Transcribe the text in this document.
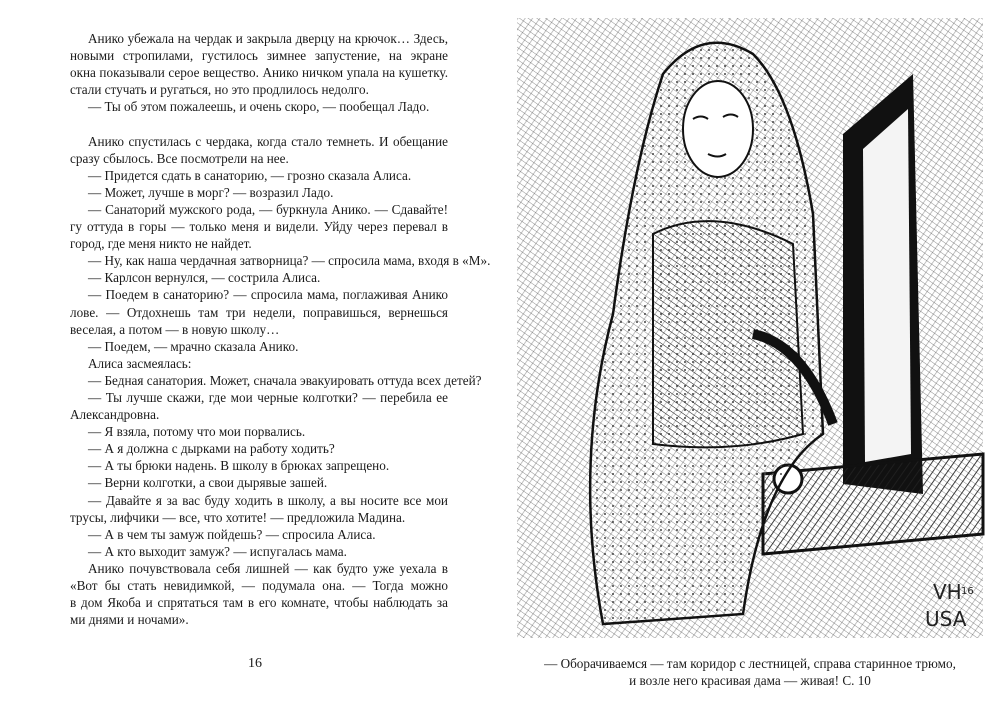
Анико убежала на чердак и закрыла дверцу на крючок… Здесь,
новыми стропилами, густилось зимнее запустение, на экране
окна показывали серое вещество. Анико ничком упала на кушетку.
стали стучать и ругаться, но это продлилось недолго.
— Ты об этом пожалеешь, и очень скоро, — пообещал Ладо.
Анико спустилась с чердака, когда стало темнеть. И обещание
сразу сбылось. Все посмотрели на нее.
— Придется сдать в санаторию, — грозно сказала Алиса.
— Может, лучше в морг? — возразил Ладо.
— Санаторий мужского рода, — буркнула Анико. — Сдавайте!
гу оттуда в горы — только меня и видели. Уйду через перевал в
город, где меня никто не найдет.
— Ну, как наша чердачная затворница? — спросила мама, входя в «М».
— Карлсон вернулся, — сострила Алиса.
— Поедем в санаторию? — спросила мама, поглаживая Анико
лове. — Отдохнешь там три недели, поправишься, вернешься
веселая, а потом — в новую школу…
— Поедем, — мрачно сказала Анико.
Алиса засмеялась:
— Бедная санатория. Может, сначала эвакуировать оттуда всех детей?
— Ты лучше скажи, где мои черные колготки? — перебила ее
Александровна.
— Я взяла, потому что мои порвались.
— А я должна с дырками на работу ходить?
— А ты брюки надень. В школу в брюках запрещено.
— Верни колготки, а свои дырявые зашей.
— Давайте я за вас буду ходить в школу, а вы носите все мои
трусы, лифчики — все, что хотите! — предложила Мадина.
— А в чем ты замуж пойдешь? — спросила Алиса.
— А кто выходит замуж? — испугалась мама.
Анико почувствовала себя лишней — как будто уже уехала в
«Вот бы стать невидимкой, — подумала она. — Тогда можно
в дом Якоба и спрятаться там в его комнате, чтобы наблюдать за
ми днями и ночами».
16
VH 16
USA
— Оборачиваемся — там коридор с лестницей, справа старинное трюмо,
и возле него красивая дама — живая! С. 10
